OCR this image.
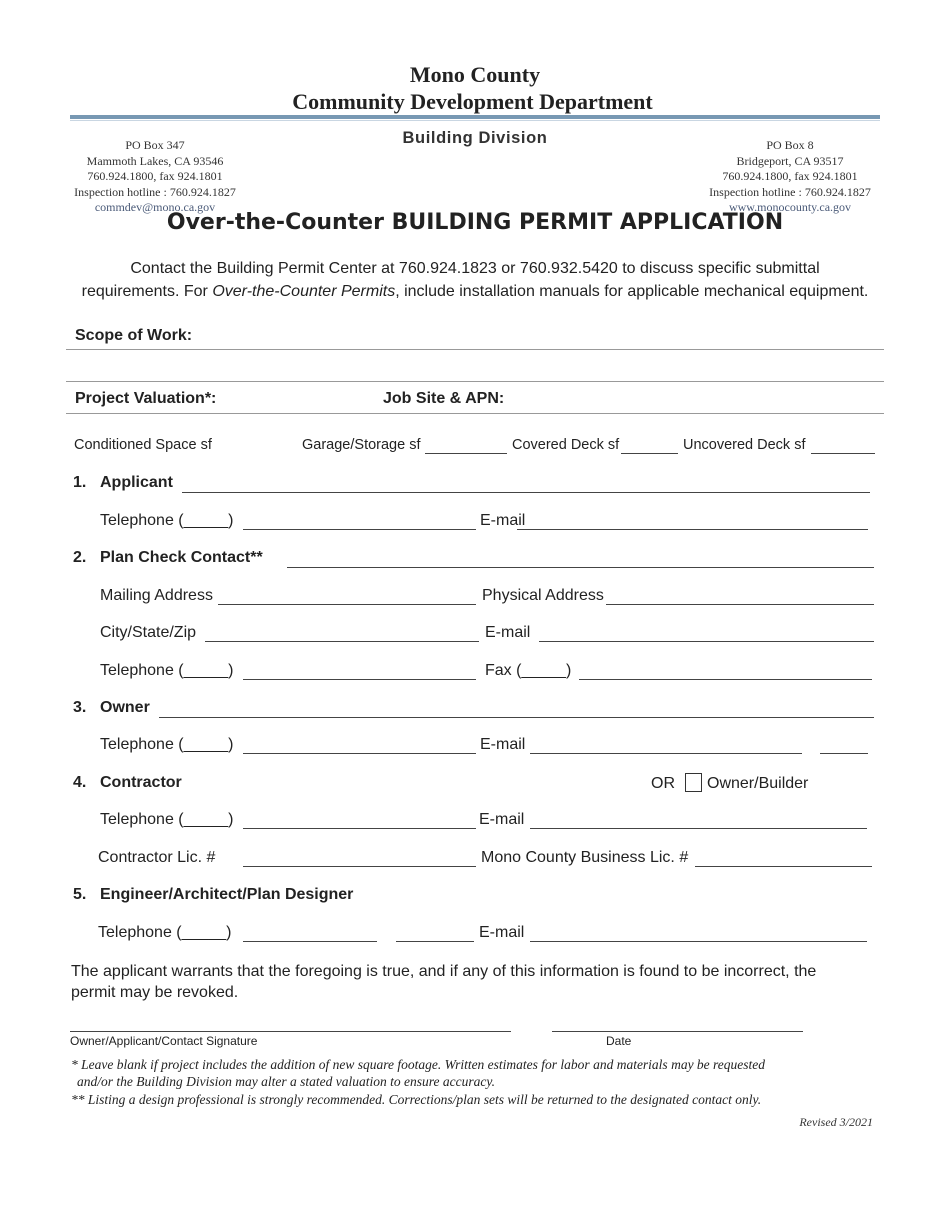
Mono County
Community Development Department
Building Division
PO Box 347
Mammoth Lakes, CA 93546
760.924.1800, fax 924.1801
Inspection hotline : 760.924.1827
commdev@mono.ca.gov
PO Box 8
Bridgeport, CA 93517
760.924.1800, fax 924.1801
Inspection hotline : 760.924.1827
www.monocounty.ca.gov
Over-the-Counter BUILDING PERMIT APPLICATION
Contact the Building Permit Center at 760.924.1823 or 760.932.5420 to discuss specific submittal
requirements. For Over-the-Counter Permits, include installation manuals for applicable mechanical equipment.
Scope of Work:
Project Valuation*:	Job Site & APN:
Conditioned Space sf	Garage/Storage sf	Covered Deck sf	Uncovered Deck sf
1. Applicant
Telephone (_____)	E-mail
2. Plan Check Contact**
Mailing Address	Physical Address
City/State/Zip	E-mail
Telephone (_____)	Fax (_____)
3. Owner
Telephone (_____)	E-mail
4. Contractor	OR Owner/Builder
Telephone (_____)	E-mail
Contractor Lic. #	Mono County Business Lic. #
5. Engineer/Architect/Plan Designer
Telephone (_____)	E-mail
The applicant warrants that the foregoing is true, and if any of this information is found to be incorrect, the
permit may be revoked.
Owner/Applicant/Contact Signature	Date
* Leave blank if project includes the addition of new square footage. Written estimates for labor and materials may be requested
and/or the Building Division may alter a stated valuation to ensure accuracy.
** Listing a design professional is strongly recommended. Corrections/plan sets will be returned to the designated contact only.
Revised 3/2021
